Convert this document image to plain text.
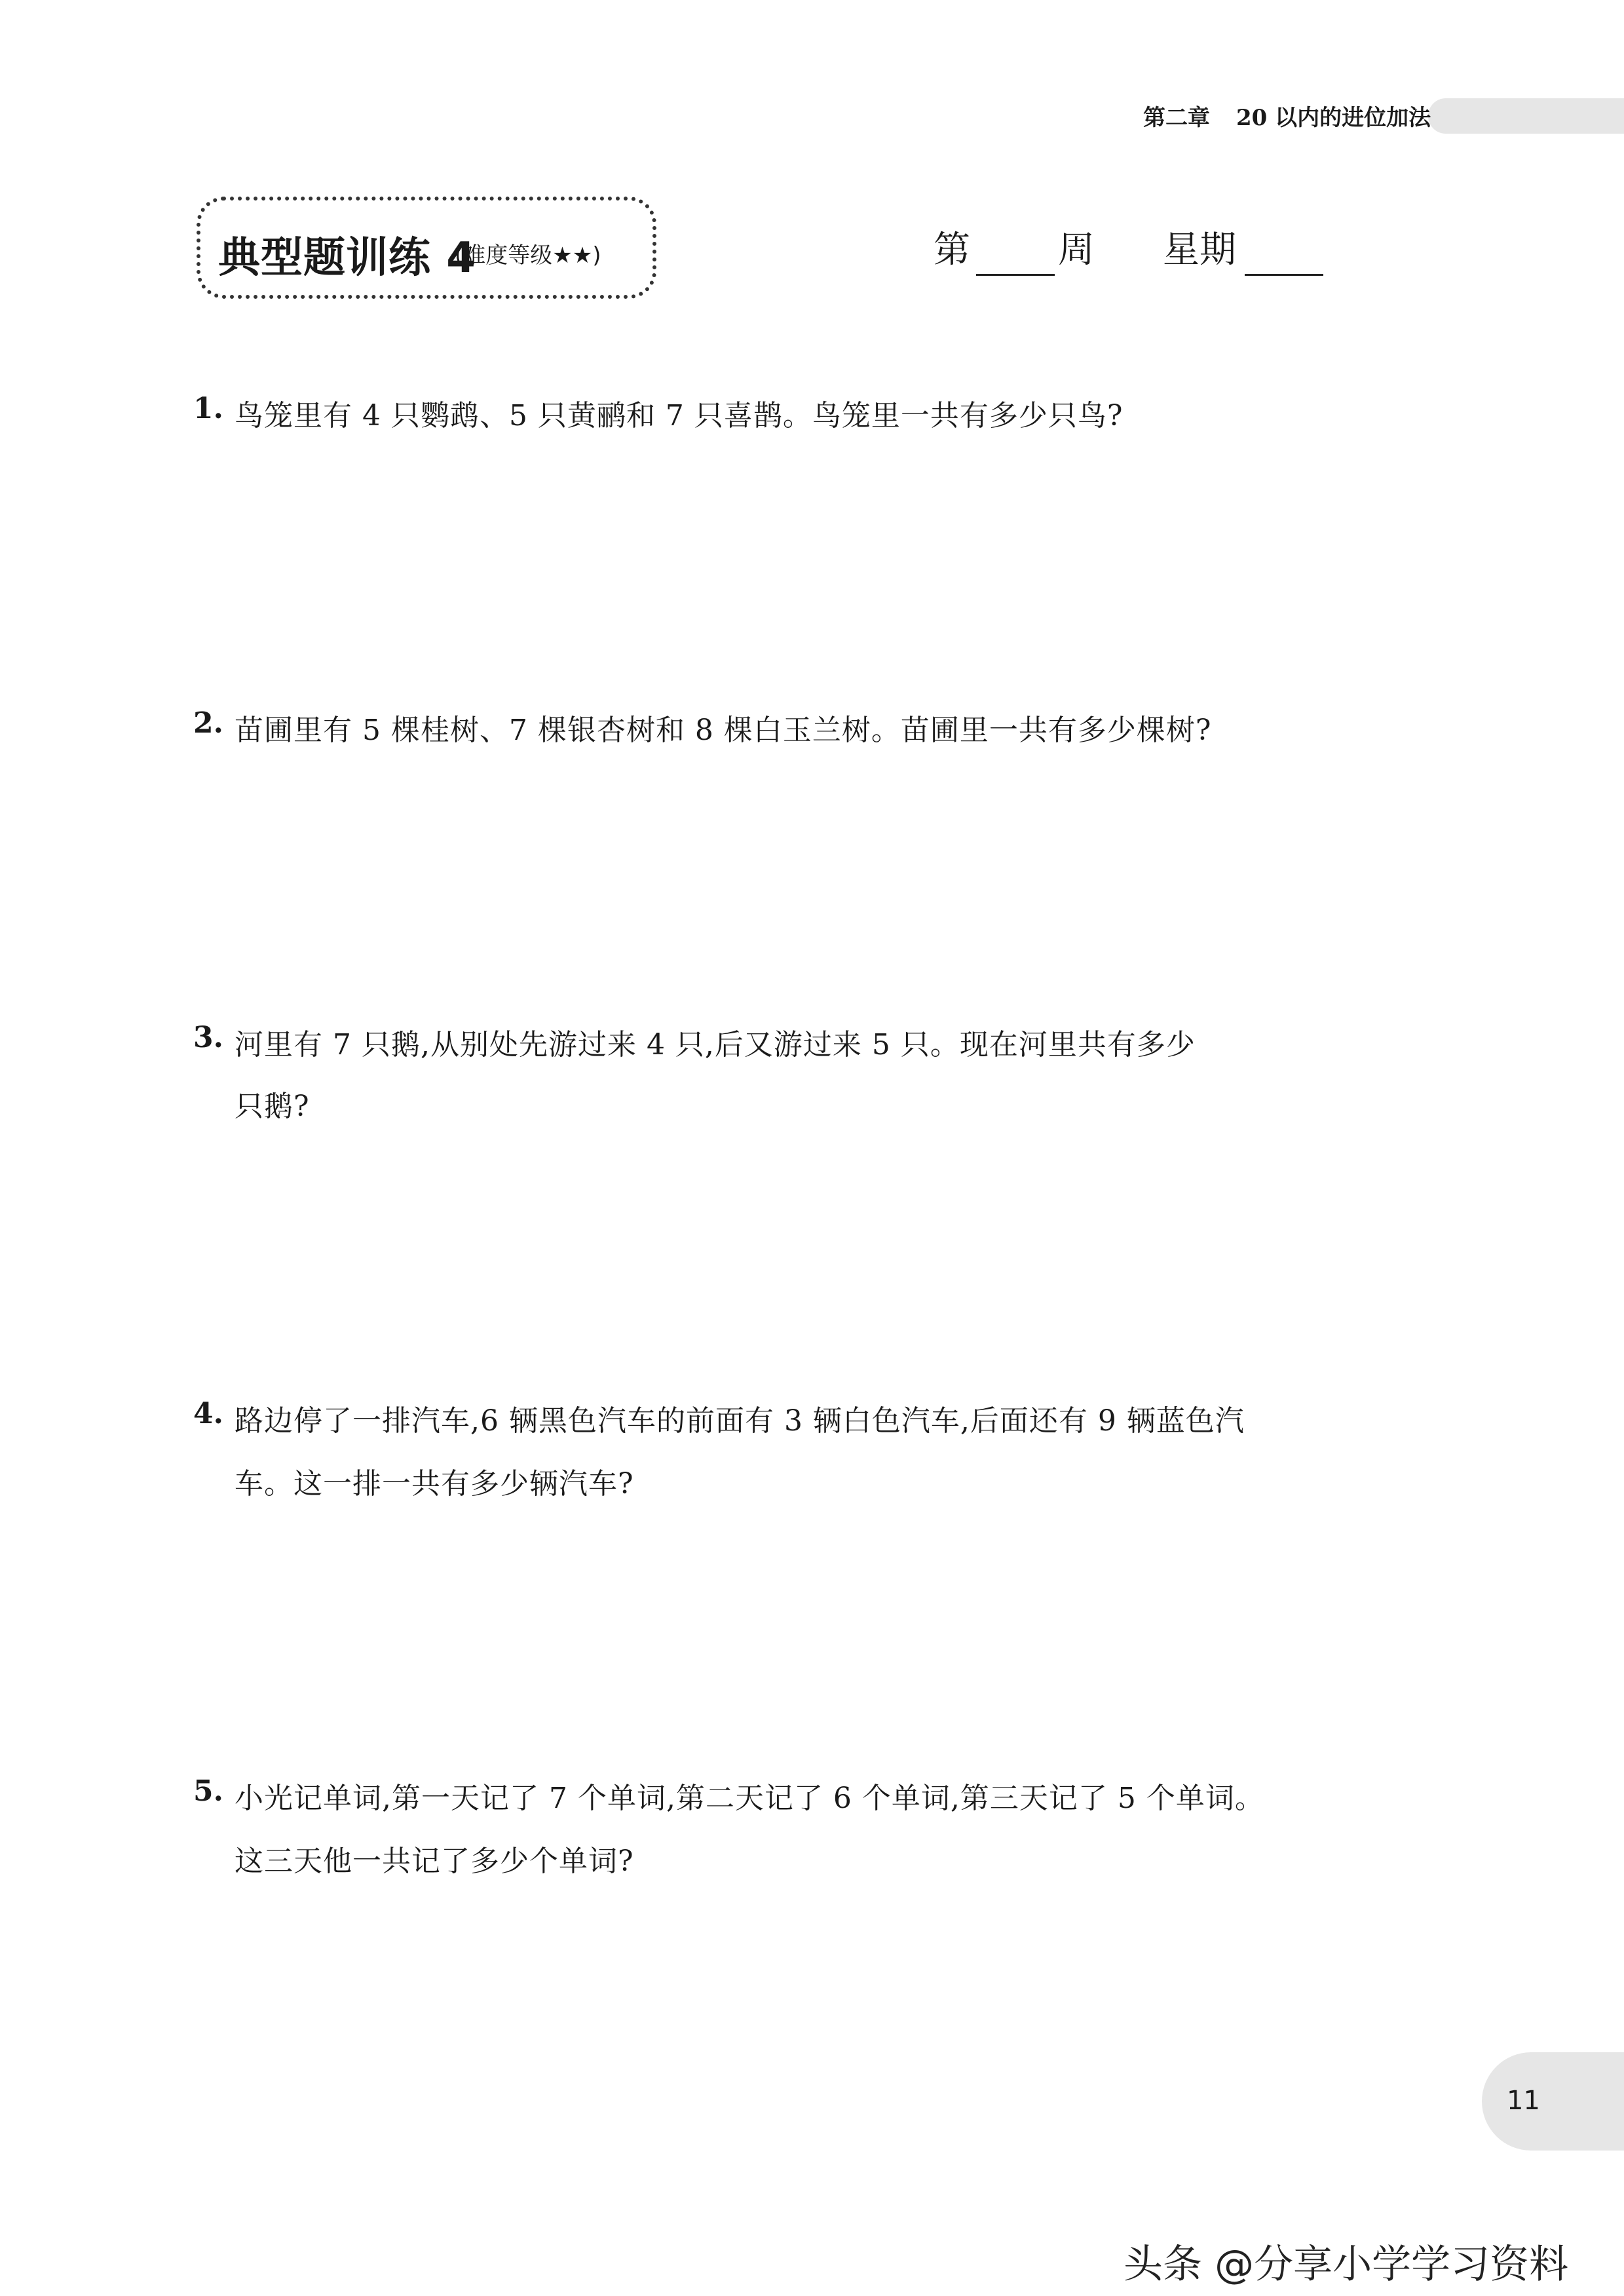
第二章 20 以内的进位加法
典型题训练 4
(难度等级★★)	第 周 星期
1. 鸟笼里有 4 只鹦鹉、5 只黄鹂和 7 只喜鹊。鸟笼里一共有多少只鸟?
2. 苗圃里有 5 棵桂树、7 棵银杏树和 8 棵白玉兰树。苗圃里一共有多少棵树?
3. 河里有 7 只鹅,从别处先游过来 4 只,后又游过来 5 只。现在河里共有多少
只鹅?
4. 路边停了一排汽车,6 辆黑色汽车的前面有 3 辆白色汽车,后面还有 9 辆蓝色汽
车。这一排一共有多少辆汽车?
5. 小光记单词,第一天记了 7 个单词,第二天记了 6 个单词,第三天记了 5 个单词。
这三天他一共记了多少个单词?
11
头条 @分享小学学习资料
